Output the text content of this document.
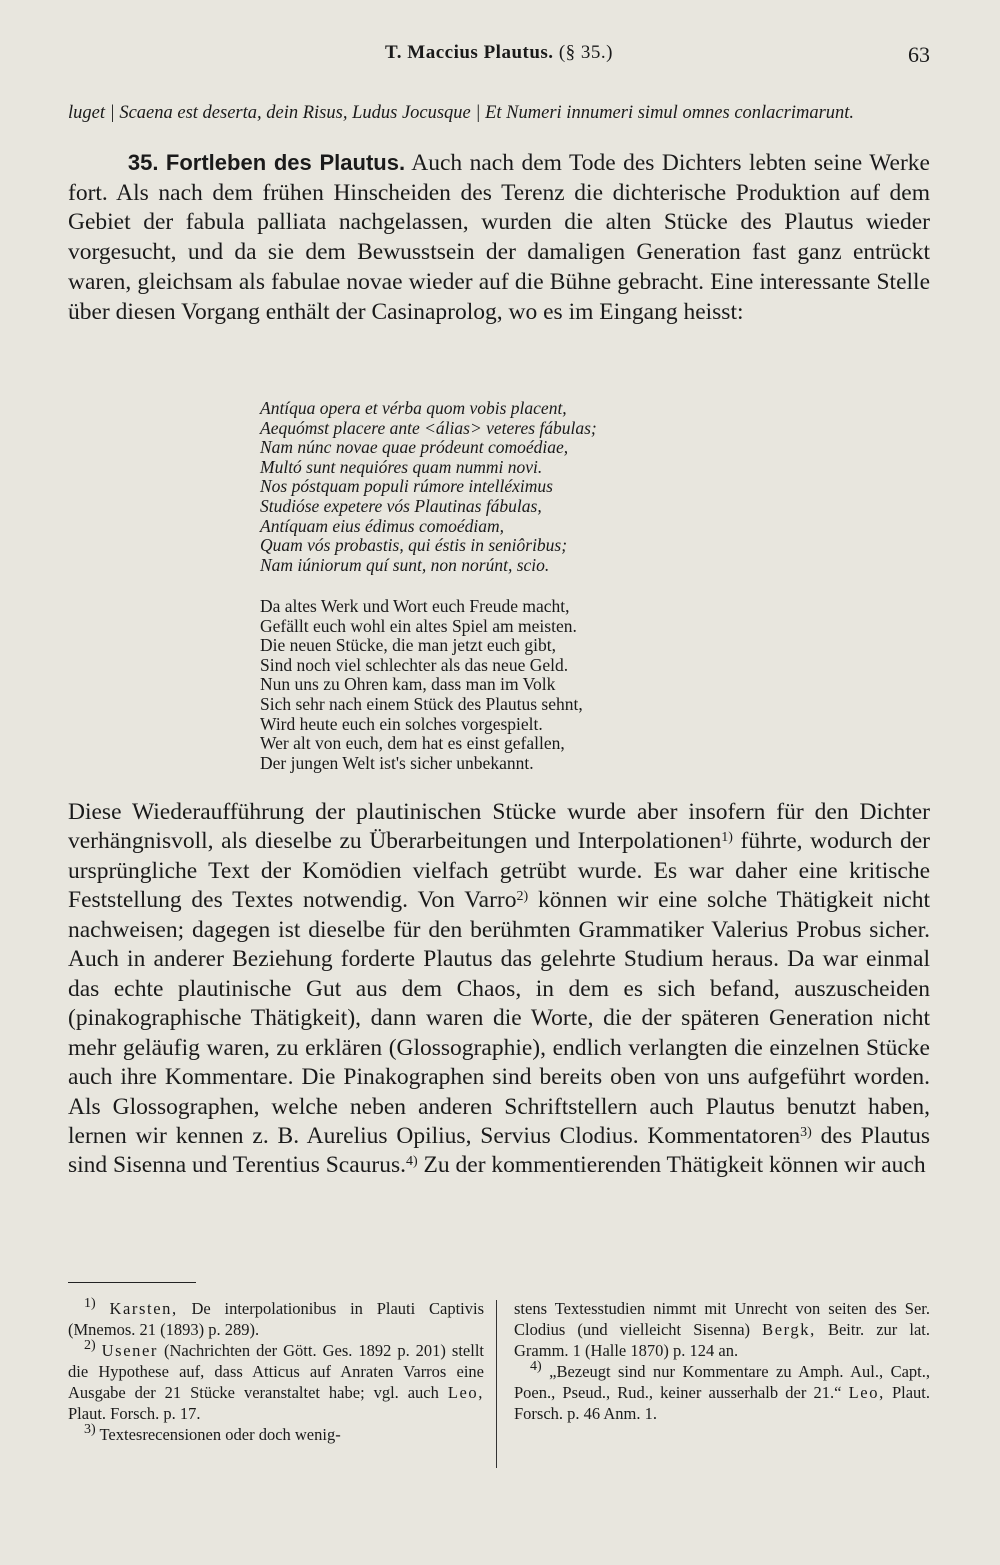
T. Maccius Plautus. (§ 35.)	63
luget | Scaena est deserta, dein Risus, Ludus Jocusque | Et Numeri innumeri simul omnes conlacrimarunt.
35. Fortleben des Plautus. Auch nach dem Tode des Dichters lebten seine Werke fort. Als nach dem frühen Hinscheiden des Terenz die dichterische Produktion auf dem Gebiet der fabula palliata nachgelassen, wurden die alten Stücke des Plautus wieder vorgesucht, und da sie dem Bewusstsein der damaligen Generation fast ganz entrückt waren, gleichsam als fabulae novae wieder auf die Bühne gebracht. Eine interessante Stelle über diesen Vorgang enthält der Casinaprolog, wo es im Eingang heisst:
Antíqua opera et vérba quom vobis placent,
Aequómst placere ante <álias> veteres fábulas;
Nam núnc novae quae pródeunt comoédiae,
Multó sunt nequióres quam nummi novi.
Nos póstquam populi rúmore intelléximus
Studióse expetere vós Plautinas fábulas,
Antíquam eius édimus comoédiam,
Quam vós probastis, qui éstis in seniôribus;
Nam iúniorum quí sunt, non norúnt, scio.
Da altes Werk und Wort euch Freude macht,
Gefällt euch wohl ein altes Spiel am meisten.
Die neuen Stücke, die man jetzt euch gibt,
Sind noch viel schlechter als das neue Geld.
Nun uns zu Ohren kam, dass man im Volk
Sich sehr nach einem Stück des Plautus sehnt,
Wird heute euch ein solches vorgespielt.
Wer alt von euch, dem hat es einst gefallen,
Der jungen Welt ist's sicher unbekannt.
Diese Wiederaufführung der plautinischen Stücke wurde aber insofern für den Dichter verhängnisvoll, als dieselbe zu Überarbeitungen und Interpolationen$^{1)}$ führte, wodurch der ursprüngliche Text der Komödien vielfach getrübt wurde. Es war daher eine kritische Feststellung des Textes notwendig. Von Varro$^{2)}$ können wir eine solche Thätigkeit nicht nachweisen; dagegen ist dieselbe für den berühmten Grammatiker Valerius Probus sicher. Auch in anderer Beziehung forderte Plautus das gelehrte Studium heraus. Da war einmal das echte plautinische Gut aus dem Chaos, in dem es sich befand, auszuscheiden (pinakographische Thätigkeit), dann waren die Worte, die der späteren Generation nicht mehr geläufig waren, zu erklären (Glossographie), endlich verlangten die einzelnen Stücke auch ihre Kommentare. Die Pinakographen sind bereits oben von uns aufgeführt worden. Als Glossographen, welche neben anderen Schriftstellern auch Plautus benutzt haben, lernen wir kennen z. B. Aurelius Opilius, Servius Clodius. Kommentatoren$^{3)}$ des Plautus sind Sisenna und Terentius Scaurus.$^{4)}$ Zu der kommentierenden Thätigkeit können wir auch

$^{1)}$ Karsten, De interpolationibus in Plauti Captivis (Mnemos. 21 (1893) p. 289).

$^{2)}$ Usener (Nachrichten der Gött. Ges. 1892 p. 201) stellt die Hypothese auf, dass Atticus auf Anraten Varros eine Ausgabe der 21 Stücke veranstaltet habe; vgl. auch Leo, Plaut. Forsch. p. 17.

$^{3)}$ Textesrecensionen oder doch wenig-

stens Textesstudien nimmt mit Unrecht von seiten des Ser. Clodius (und vielleicht Sisenna) Bergk, Beitr. zur lat. Gramm. 1 (Halle 1870) p. 124 an.

$^{4)}$ „Bezeugt sind nur Kommentare zu Amph. Aul., Capt., Poen., Pseud., Rud., keiner ausserhalb der 21.“ Leo, Plaut. Forsch. p. 46 Anm. 1.
